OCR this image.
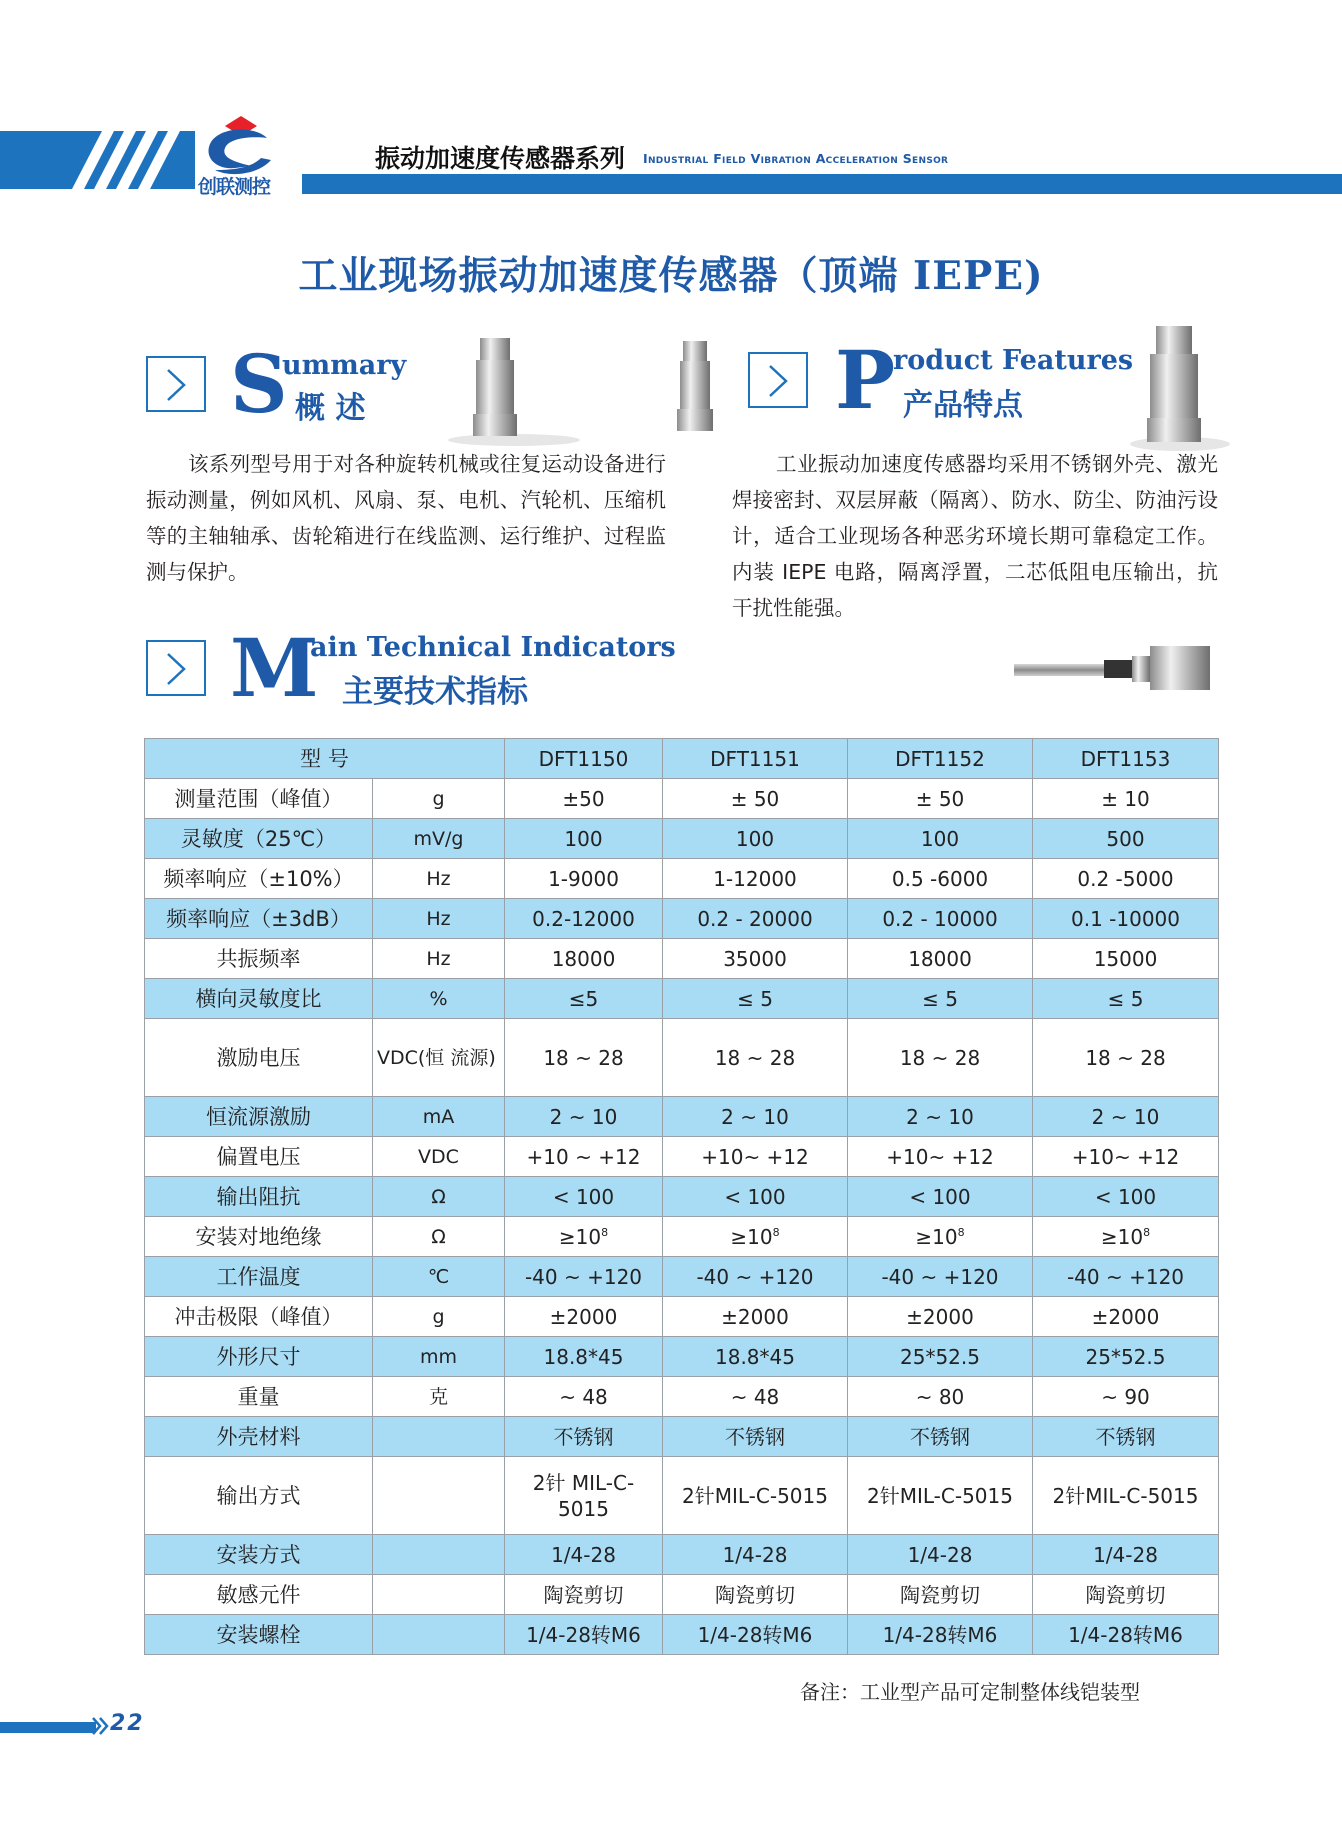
创联测控
振动加速度传感器系列 Industrial Field Vibration Acceleration Sensor
工业现场振动加速度传感器（顶端 IEPE)
S
ummary
概 述
该系列型号用于对各种旋转机械或往复运动设备进行振动测量，例如风机、风扇、泵、电机、汽轮机、压缩机等的主轴轴承、齿轮箱进行在线监测、运行维护、过程监测与保护。
P
roduct Features
产品特点
工业振动加速度传感器均采用不锈钢外壳、激光焊接密封、双层屏蔽（隔离）、防水、防尘、防油污设计，适合工业现场各种恶劣环境长期可靠稳定工作。内装 IEPE 电路，隔离浮置，二芯低阻电压输出，抗干扰性能强。
M
ain Technical Indicators
主要技术指标
型 号		DFT1150	DFT1151	DFT1152	DFT1153
测量范围（峰值）	g	±50	± 50	± 50	± 10
灵敏度（25℃）	mV/g	100	100	100	500
频率响应（±10%）	Hz	1-9000	1-12000	0.5 -6000	0.2 -5000
频率响应（±3dB）	Hz	0.2-12000	0.2 - 20000	0.2 - 10000	0.1 -10000
共振频率	Hz	18000	35000	18000	15000
横向灵敏度比	%	≤5	≤ 5	≤ 5	≤ 5
激励电压	VDC(恒 流源)	18 ~ 28	18 ~ 28	18 ~ 28	18 ~ 28
恒流源激励	mA	2 ~ 10	2 ~ 10	2 ~ 10	2 ~ 10
偏置电压	VDC	+10 ~ +12	+10~ +12	+10~ +12	+10~ +12
输出阻抗	Ω	< 100	< 100	< 100	< 100
安装对地绝缘	Ω	$\ge 10^8$	$\ge 10^8$	$\ge 10^8$	$\ge 10^8$
工作温度	℃	-40 ~ +120	-40 ~ +120	-40 ~ +120	-40 ~ +120
冲击极限（峰值）	g	±2000	±2000	±2000	±2000
外形尺寸	mm	18.8*45	18.8*45	25*52.5	25*52.5
重量	克	~ 48	~ 48	~ 80	~ 90
外壳材料		不锈钢	不锈钢	不锈钢	不锈钢
输出方式		2针 MIL-C-5015	2针MIL-C-5015	2针MIL-C-5015	2针MIL-C-5015
安装方式		1/4-28	1/4-28	1/4-28	1/4-28
敏感元件		陶瓷剪切	陶瓷剪切	陶瓷剪切	陶瓷剪切
安装螺栓		1/4-28转M6	1/4-28转M6	1/4-28转M6	1/4-28转M6
备注：工业型产品可定制整体线铠装型
22
